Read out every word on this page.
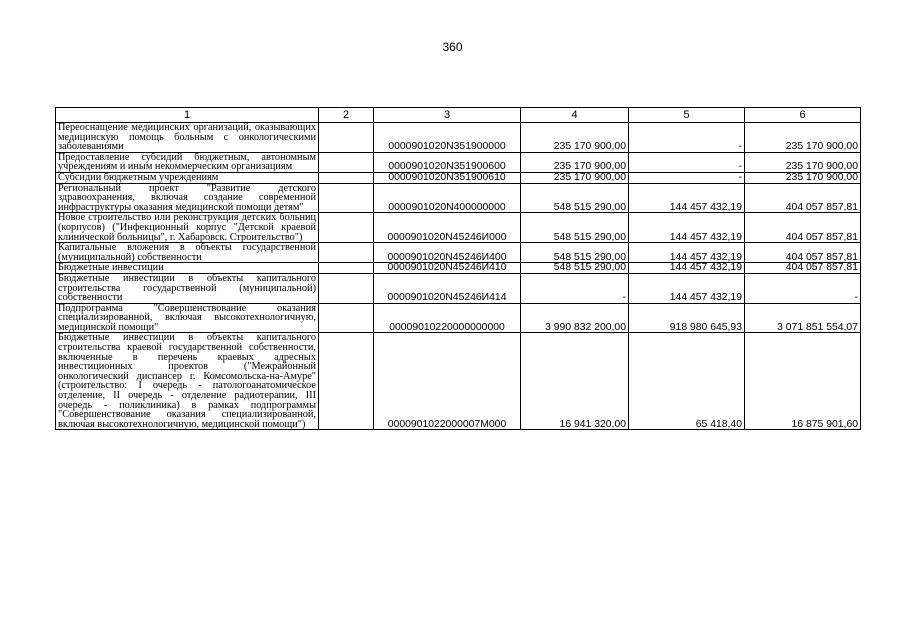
360
1	2	3	4	5	6
Переоснащение медицинских организаций, оказывающих медицинскую помощь больным с онкологическими заболеваниями		0000901020N351900000	235 170 900,00	-	235 170 900,00
Предоставление субсидий бюджетным, автономным учреждениям и иным некоммерческим организациям		0000901020N351900600	235 170 900,00	-	235 170 900,00
Субсидии бюджетным учреждениям		0000901020N351900610	235 170 900,00	-	235 170 900,00
Региональный проект "Развитие детского здравоохранения, включая создание современной инфраструктуры оказания медицинской помощи детям"		0000901020N400000000	548 515 290,00	144 457 432,19	404 057 857,81
Новое строительство или реконструкция детских больниц (корпусов) ("Инфекционный корпус "Детской краевой клинической больницы", г. Хабаровск. Строительство")		0000901020N45246И000	548 515 290,00	144 457 432,19	404 057 857,81
Капитальные вложения в объекты государственной (муниципальной) собственности		0000901020N45246И400	548 515 290,00	144 457 432,19	404 057 857,81
Бюджетные инвестиции		0000901020N45246И410	548 515 290,00	144 457 432,19	404 057 857,81
Бюджетные инвестиции в объекты капитального строительства государственной (муниципальной) собственности		0000901020N45246И414	-	144 457 432,19	-
Подпрограмма "Совершенствование оказания специализированной, включая высокотехнологичную, медицинской помощи"		00009010220000000000	3 990 832 200,00	918 980 645,93	3 071 851 554,07
Бюджетные инвестиции в объекты капитального строительства краевой государственной собственности, включенные в перечень краевых адресных инвестиционных проектов ("Межрайонный онкологический диспансер г. Комсомольска-на-Амуре" (строительство: I очередь - патологоанатомическое отделение, II очередь - отделение радиотерапии, III очередь - поликлиника) в рамках подпрограммы "Совершенствование оказания специализированной, включая высокотехнологичную, медицинской помощи")		0000901022000007M000	16 941 320,00	65 418,40	16 875 901,60
